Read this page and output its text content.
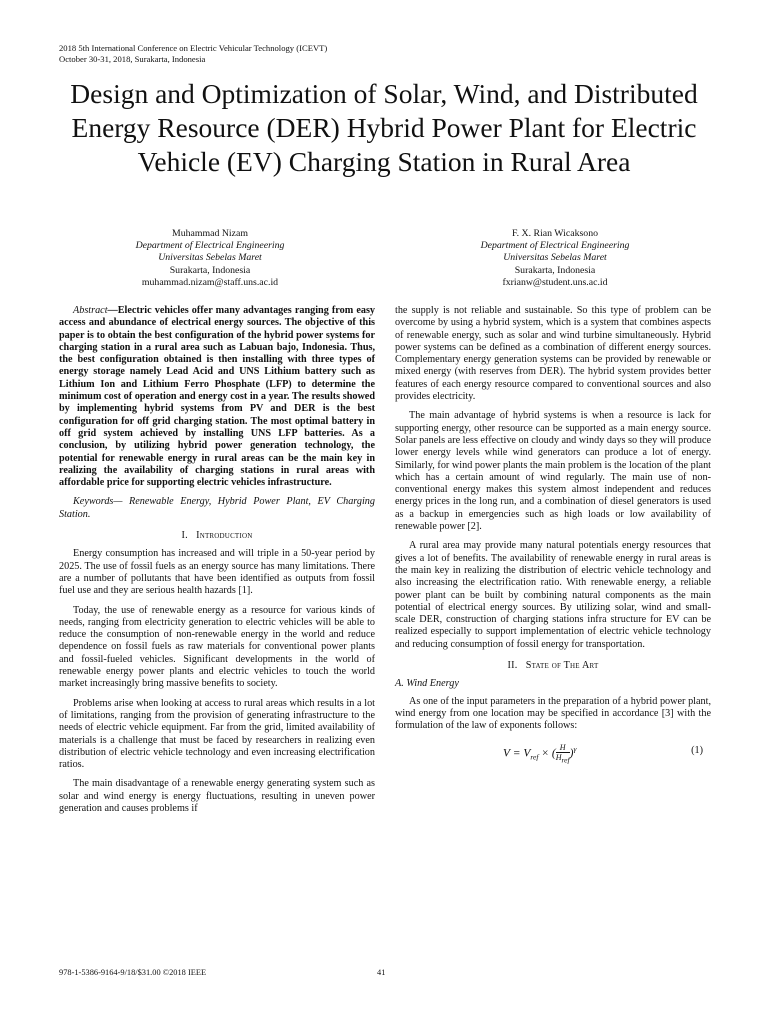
2018 5th International Conference on Electric Vehicular Technology (ICEVT)
October 30-31, 2018, Surakarta, Indonesia
Design and Optimization of Solar, Wind, and Distributed Energy Resource (DER) Hybrid Power Plant for Electric Vehicle (EV) Charging Station in Rural Area
Muhammad Nizam
Department of Electrical Engineering
Universitas Sebelas Maret
Surakarta, Indonesia
muhammad.nizam@staff.uns.ac.id
F. X. Rian Wicaksono
Department of Electrical Engineering
Universitas Sebelas Maret
Surakarta, Indonesia
fxrianw@student.uns.ac.id

Abstract—Electric vehicles offer many advantages ranging from easy access and abundance of electrical energy sources. The objective of this paper is to obtain the best configuration of the hybrid power systems for charging station in a rural area such as Labuan bajo, Indonesia. Thus, the best configuration obtained is then installing with three types of energy storage namely Lead Acid and UNS Lithium battery such as Lithium Ion and Lithium Ferro Phosphate (LFP) to determine the minimum cost of operation and energy cost in a year. The results showed by implementing hybrid systems from PV and DER is the best configuration for off grid charging station. The most optimal battery in off grid system achieved by installing UNS LFP batteries. As a conclusion, by utilizing hybrid power generation technology, the potential for renewable energy in rural areas can be the main key in realizing the availability of charging stations in rural areas with affordable price for supporting electric vehicles infrastructure.

Keywords— Renewable Energy, Hybrid Power Plant, EV Charging Station.

I. Introduction

Energy consumption has increased and will triple in a 50-year period by 2025. The use of fossil fuels as an energy source has many limitations. There are a number of pollutants that have been identified as outputs from fossil fuel use and they are serious health hazards [1].

Today, the use of renewable energy as a resource for various kinds of needs, ranging from electricity generation to electric vehicles will be able to reduce the consumption of non-renewable energy in the world and reduce dependence on fossil fuels as raw materials for conventional power plants and fossil-fueled vehicles. Significant developments in the world of renewable energy power plants and electric vehicles to touch the world market increasingly bring massive benefits to society.

Problems arise when looking at access to rural areas which results in a lot of limitations, ranging from the provision of generating infrastructure to the needs of electric vehicle equipment. Far from the grid, limited availability of materials is a challenge that must be faced by researchers in realizing even distribution of electric vehicle technology and even increasing electrification ratios.

The main disadvantage of a renewable energy generating system such as solar and wind energy is energy fluctuations, resulting in uneven power generation and causes problems if

the supply is not reliable and sustainable. So this type of problem can be overcome by using a hybrid system, which is a system that combines aspects of renewable energy, such as solar and wind turbine simultaneously. Hybrid power systems can be defined as a combination of different energy sources. Complementary energy generation systems can be provided by renewable or mixed energy (with reserves from DER). The hybrid system provides better features of each energy resource compared to conventional sources and also provides electricity.

The main advantage of hybrid systems is when a resource is lack for supporting energy, other resource can be supported as a main energy source. Solar panels are less effective on cloudy and windy days so they will produce lower energy levels while wind generators can produce a lot of energy. Similarly, for wind power plants the main problem is the location of the plant which has a certain amount of wind regularly. The main use of non-conventional energy makes this system almost independent and reduces energy prices in the long run, and a combination of diesel generators is used as a backup in emergencies such as high loads or low availability of renewable power [2].

A rural area may provide many natural potentials energy resources that gives a lot of benefits. The availability of renewable energy in rural areas is the main key in realizing the distribution of electric vehicle technology and also increasing the electrification ratio. With renewable energy, a reliable power plant can be built by combining natural components as the main potential of electrical energy sources. By utilizing solar, wind and small-scale DER, construction of charging stations infra structure for EV can be realized especially to support implementation of electric vehicle technology and reducing consumption of fossil energy for transportation.

II. State of The Art
A. Wind Energy

As one of the input parameters in the preparation of a hybrid power plant, wind energy from one location may be specified in accordance [3] with the formulation of the law of exponents follows:

$V = V_{ref}$ × ( H
$H_{ref}$
)$^\gamma$	(1)
978-1-5386-9164-9/18/$31.00 ©2018 IEEE	41
